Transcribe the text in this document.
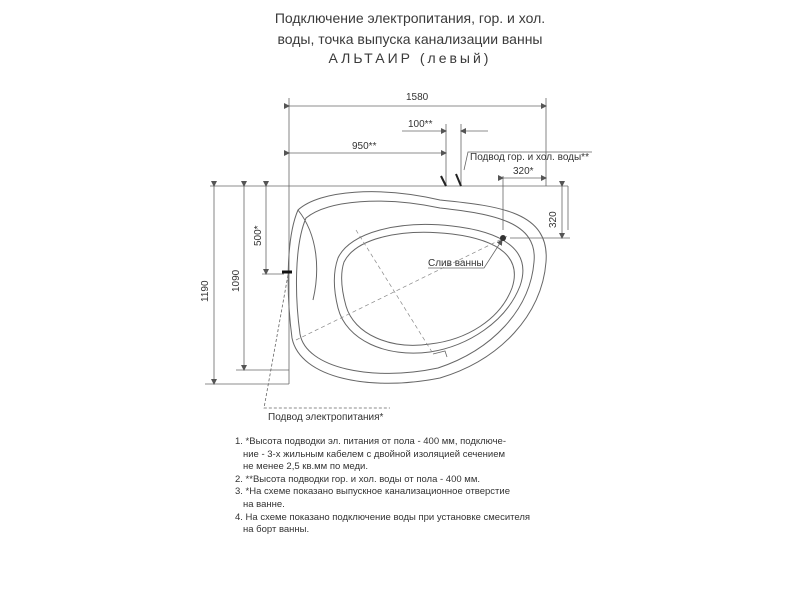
Подключение электропитания, гор. и хол.
воды, точка выпуска канализации ванны
АЛЬТАИР (левый)
1580
100**
950**
320*
320
500*
1090
1190
Подвод гор. и хол. воды**
Слив ванны
Подвод электропитания*
1. *Высота подводки эл. питания от пола - 400 мм, подключе-
ние - 3-х жильным кабелем с двойной изоляцией сечением
не менее 2,5 кв.мм по меди.
2. **Высота подводки гор. и хол. воды от пола - 400 мм.
3. *На схеме показано выпускное канализационное отверстие
на ванне.
4. На схеме показано подключение воды при установке смесителя
на борт ванны.
